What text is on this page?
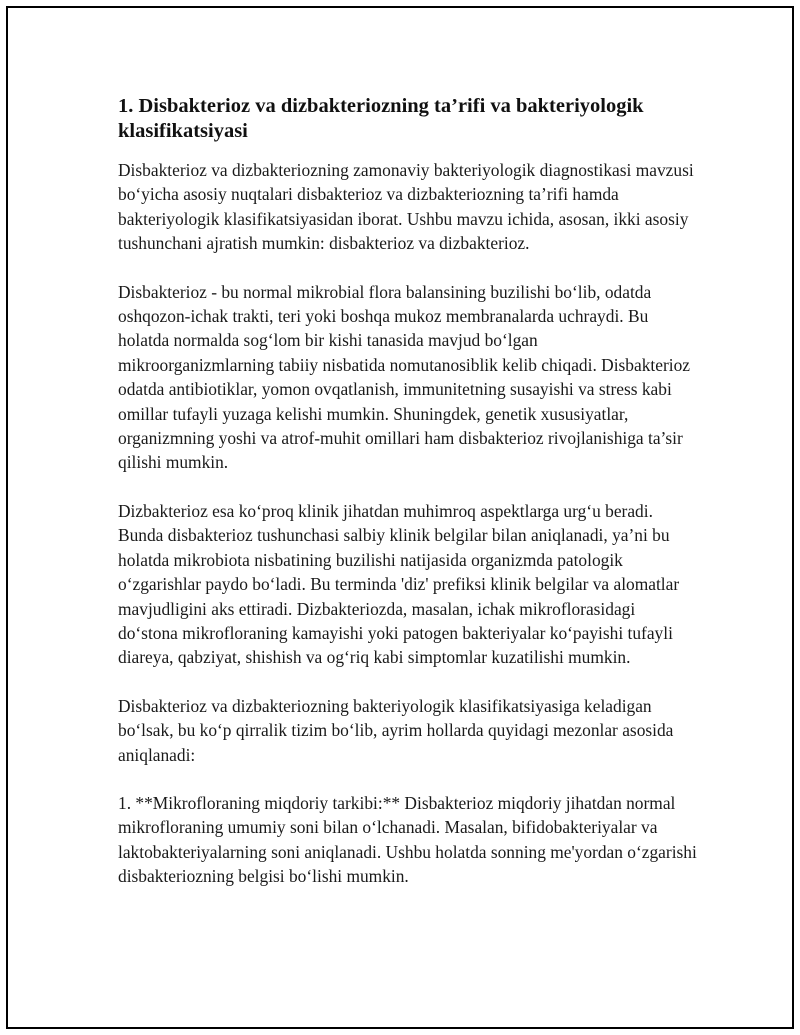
1. Disbakterioz va dizbakteriozning ta’rifi va bakteriyologik klasifikatsiyasi

Disbakterioz va dizbakteriozning zamonaviy bakteriyologik diagnostikasi mavzusi bo‘yicha asosiy nuqtalari disbakterioz va dizbakteriozning ta’rifi hamda bakteriyologik klasifikatsiyasidan iborat. Ushbu mavzu ichida, asosan, ikki asosiy tushunchani ajratish mumkin: disbakterioz va dizbakterioz.

Disbakterioz - bu normal mikrobial flora balansining buzilishi bo‘lib, odatda oshqozon-ichak trakti, teri yoki boshqa mukoz membranalarda uchraydi. Bu holatda normalda sog‘lom bir kishi tanasida mavjud bo‘lgan mikroorganizmlarning tabiiy nisbatida nomutanosiblik kelib chiqadi. Disbakterioz odatda antibiotiklar, yomon ovqatlanish, immunitetning susayishi va stress kabi omillar tufayli yuzaga kelishi mumkin. Shuningdek, genetik xususiyatlar, organizmning yoshi va atrof-muhit omillari ham disbakterioz rivojlanishiga ta’sir qilishi mumkin.

Dizbakterioz esa ko‘proq klinik jihatdan muhimroq aspektlarga urg‘u beradi. Bunda disbakterioz tushunchasi salbiy klinik belgilar bilan aniqlanadi, ya’ni bu holatda mikrobiota nisbatining buzilishi natijasida organizmda patologik o‘zgarishlar paydo bo‘ladi. Bu terminda 'diz' prefiksi klinik belgilar va alomatlar mavjudligini aks ettiradi. Dizbakteriozda, masalan, ichak mikroflorasidagi do‘stona mikrofloraning kamayishi yoki patogen bakteriyalar ko‘payishi tufayli diareya, qabziyat, shishish va og‘riq kabi simptomlar kuzatilishi mumkin.

Disbakterioz va dizbakteriozning bakteriyologik klasifikatsiyasiga keladigan bo‘lsak, bu ko‘p qirralik tizim bo‘lib, ayrim hollarda quyidagi mezonlar asosida aniqlanadi:

1. **Mikrofloraning miqdoriy tarkibi:** Disbakterioz miqdoriy jihatdan normal mikrofloraning umumiy soni bilan o‘lchanadi. Masalan, bifidobakteriyalar va laktobakteriyalarning soni aniqlanadi. Ushbu holatda sonning me'yordan o‘zgarishi disbakteriozning belgisi bo‘lishi mumkin.
